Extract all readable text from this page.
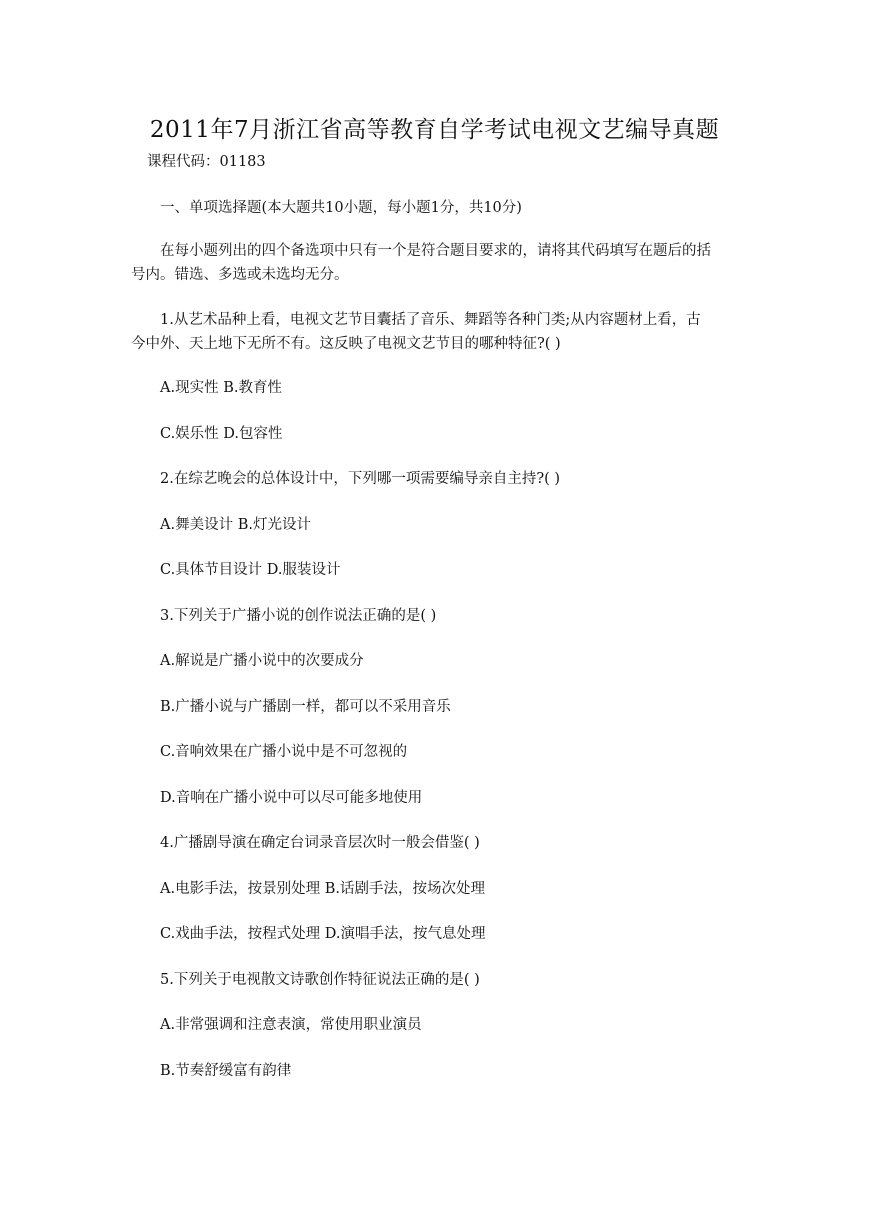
2011年7月浙江省高等教育自学考试电视文艺编导真题
课程代码：01183
一、单项选择题(本大题共10小题，每小题1分，共10分)
在每小题列出的四个备选项中只有一个是符合题目要求的，请将其代码填写在题后的括
号内。错选、多选或未选均无分。
1.从艺术品种上看，电视文艺节目囊括了音乐、舞蹈等各种门类;从内容题材上看，古
今中外、天上地下无所不有。这反映了电视文艺节目的哪种特征?( )
A.现实性 B.教育性
C.娱乐性 D.包容性
2.在综艺晚会的总体设计中，下列哪一项需要编导亲自主持?( )
A.舞美设计 B.灯光设计
C.具体节目设计 D.服装设计
3.下列关于广播小说的创作说法正确的是( )
A.解说是广播小说中的次要成分
B.广播小说与广播剧一样，都可以不采用音乐
C.音响效果在广播小说中是不可忽视的
D.音响在广播小说中可以尽可能多地使用
4.广播剧导演在确定台词录音层次时一般会借鉴( )
A.电影手法，按景别处理 B.话剧手法，按场次处理
C.戏曲手法，按程式处理 D.演唱手法，按气息处理
5.下列关于电视散文诗歌创作特征说法正确的是( )
A.非常强调和注意表演，常使用职业演员
B.节奏舒缓富有韵律
